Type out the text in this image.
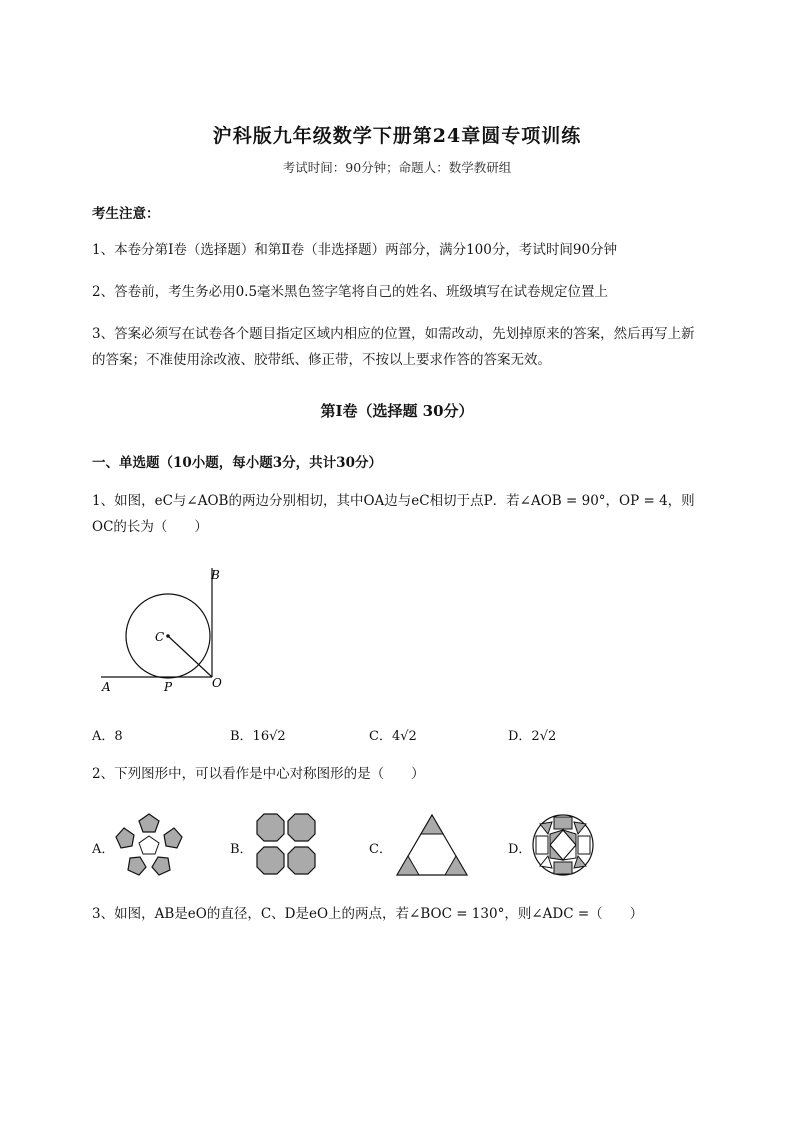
沪科版九年级数学下册第24章圆专项训练
考试时间：90分钟；命题人：数学教研组
考生注意：
1、本卷分第I卷（选择题）和第Ⅱ卷（非选择题）两部分，满分100分，考试时间90分钟
2、答卷前，考生务必用0.5毫米黑色签字笔将自己的姓名、班级填写在试卷规定位置上
3、答案必须写在试卷各个题目指定区域内相应的位置，如需改动，先划掉原来的答案，然后再写上新
的答案；不准使用涂改液、胶带纸、修正带，不按以上要求作答的答案无效。
第I卷（选择题 30分）
一、单选题（10小题，每小题3分，共计30分）
1、如图，eC与∠AOB的两边分别相切，其中OA边与eC相切于点P．若∠AOB = 90°，OP = 4，则
OC的长为（　　）
B
C
A	P	O
A．8	B．16√2	C．4√2	D．2√2
2、下列图形中，可以看作是中心对称图形的是（　　）
A．	B．	C．	D．
3、如图，AB是eO的直径，C、D是eO上的两点，若∠BOC = 130°，则∠ADC =（　　）
